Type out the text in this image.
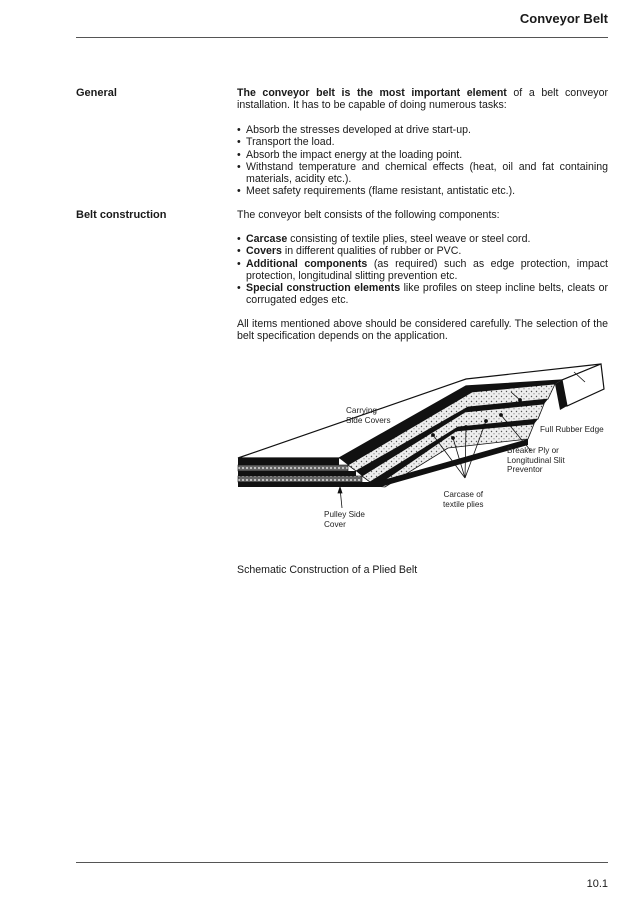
Conveyor Belt
General	The conveyor belt is the most important element of a belt conveyor installation. It has to be capable of doing numerous tasks:
• Absorb the stresses developed at drive start-up.
• Transport the load.
• Absorb the impact energy at the loading point.
• Withstand temperature and chemical effects (heat, oil and fat containing materials, acidity etc.).
• Meet safety requirements (flame resistant, antistatic etc.).
Belt construction	The conveyor belt consists of the following components:
• Carcase consisting of textile plies, steel weave or steel cord.
• Covers in different qualities of rubber or PVC.
• Additional components (as required) such as edge protection, impact protection, longitudinal slitting prevention etc.
• Special construction elements like profiles on steep incline belts, cleats or corrugated edges etc.
All items mentioned above should be considered carefully. The selection of the belt specification depends on the application.
Carrying
Side Covers
Full Rubber Edge
Breaker Ply or
Longitudinal Slit
Preventor
Carcase of
textile plies
Pulley Side
Cover
Schematic Construction of a Plied Belt
10.1
